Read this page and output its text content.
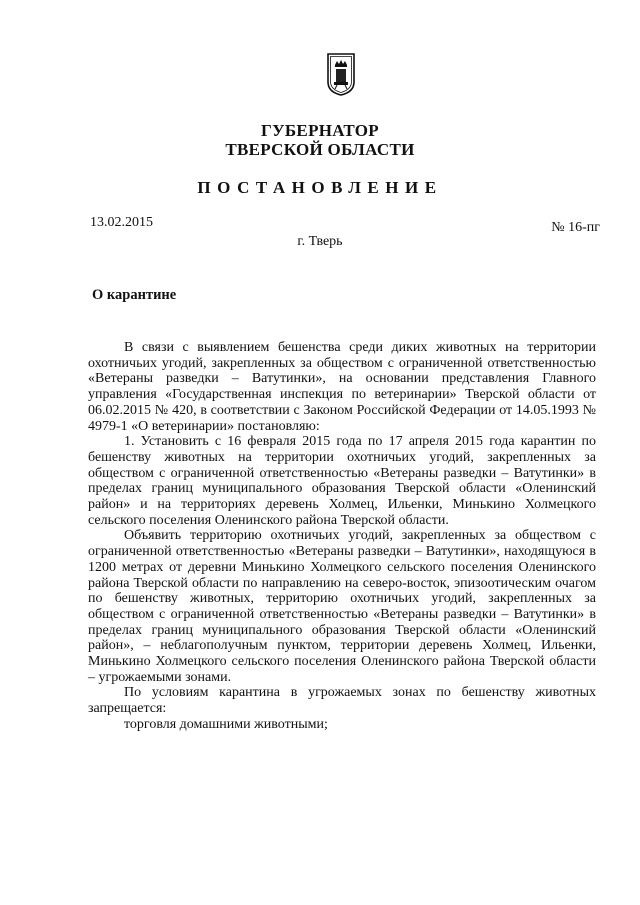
ГУБЕРНАТОР
ТВЕРСКОЙ ОБЛАСТИ
ПОСТАНОВЛЕНИЕ
13.02.2015	№ 16-пг
г. Тверь
О карантине

В связи с выявлением бешенства среди диких животных на территории охотничьих угодий, закрепленных за обществом с ограниченной ответственностью «Ветераны разведки – Ватутинки», на основании представления Главного управления «Государственная инспекция по ветеринарии» Тверской области от 06.02.2015 № 420, в соответствии с Законом Российской Федерации от 14.05.1993 № 4979-1 «О ветеринарии» постановляю:

1. Установить с 16 февраля 2015 года по 17 апреля 2015 года карантин по бешенству животных на территории охотничьих угодий, закрепленных за обществом с ограниченной ответственностью «Ветераны разведки – Ватутинки» в пределах границ муниципального образования Тверской области «Оленинский район» и на территориях деревень Холмец, Ильенки, Минькино Холмецкого сельского поселения Оленинского района Тверской области.

Объявить территорию охотничьих угодий, закрепленных за обществом с ограниченной ответственностью «Ветераны разведки – Ватутинки», находящуюся в 1200 метрах от деревни Минькино Холмецкого сельского поселения Оленинского района Тверской области по направлению на северо-восток, эпизоотическим очагом по бешенству животных, территорию охотничьих угодий, закрепленных за обществом с ограниченной ответственностью «Ветераны разведки – Ватутинки» в пределах границ муниципального образования Тверской области «Оленинский район», – неблагополучным пунктом, территории деревень Холмец, Ильенки, Минькино Холмецкого сельского поселения Оленинского района Тверской области – угрожаемыми зонами.

По условиям карантина в угрожаемых зонах по бешенству животных запрещается:

торговля домашними животными;
